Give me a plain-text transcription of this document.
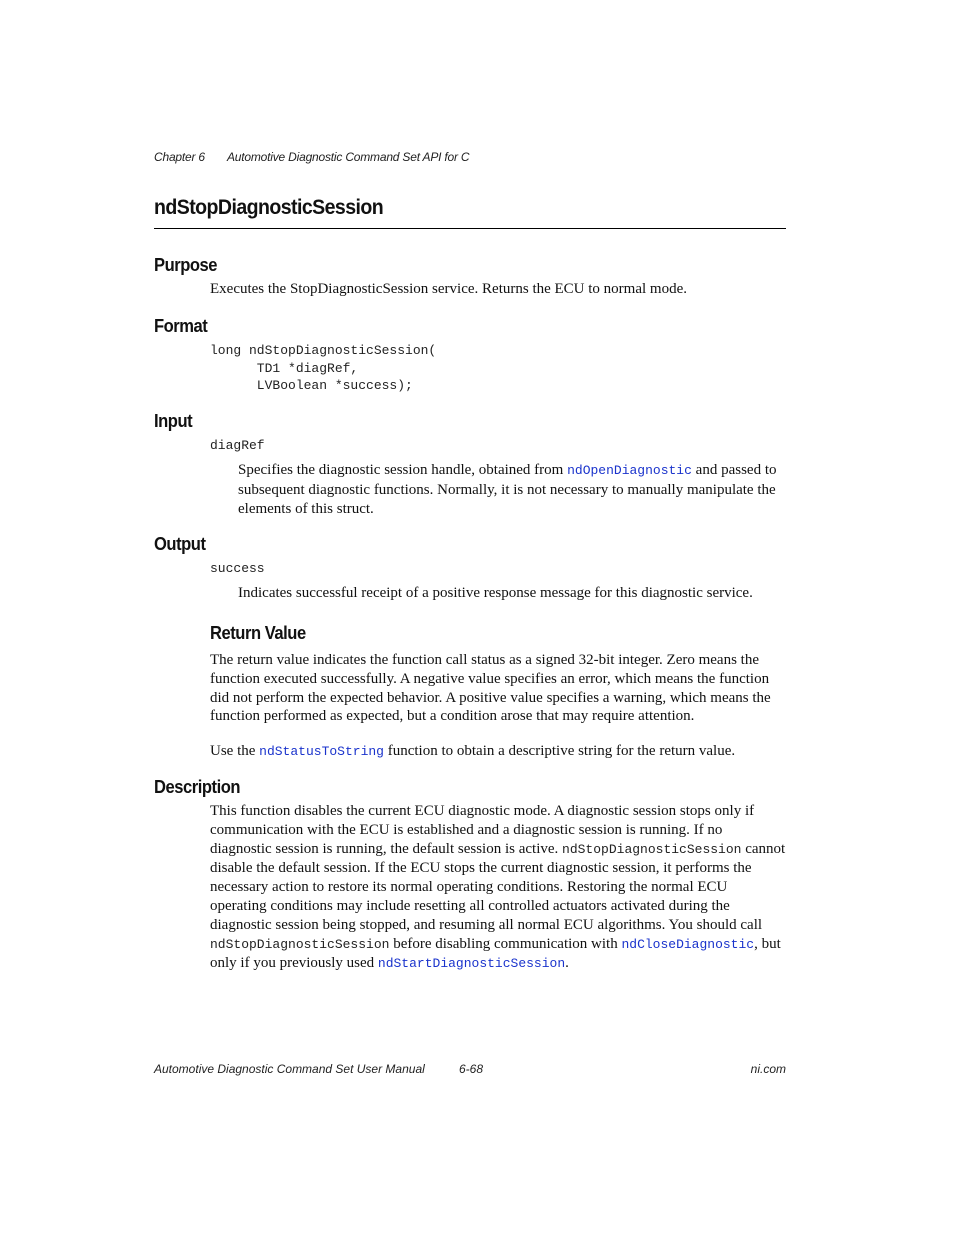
Chapter 6 Automotive Diagnostic Command Set API for C
ndStopDiagnosticSession
Purpose
Executes the StopDiagnosticSession service. Returns the ECU to normal mode.
Format
long ndStopDiagnosticSession(
TD1 *diagRef,
LVBoolean *success);
Input
diagRef
Specifies the diagnostic session handle, obtained from ndOpenDiagnostic and passed to subsequent diagnostic functions. Normally, it is not necessary to manually manipulate the elements of this struct.
Output
success
Indicates successful receipt of a positive response message for this diagnostic service.
Return Value
The return value indicates the function call status as a signed 32-bit integer. Zero means the function executed successfully. A negative value specifies an error, which means the function did not perform the expected behavior. A positive value specifies a warning, which means the function performed as expected, but a condition arose that may require attention.
Use the ndStatusToString function to obtain a descriptive string for the return value.
Description
This function disables the current ECU diagnostic mode. A diagnostic session stops only if communication with the ECU is established and a diagnostic session is running. If no diagnostic session is running, the default session is active. ndStopDiagnosticSession cannot disable the default session. If the ECU stops the current diagnostic session, it performs the necessary action to restore its normal operating conditions. Restoring the normal ECU operating conditions may include resetting all controlled actuators activated during the diagnostic session being stopped, and resuming all normal ECU algorithms. You should call ndStopDiagnosticSession before disabling communication with ndCloseDiagnostic, but only if you previously used ndStartDiagnosticSession.
Automotive Diagnostic Command Set User Manual	6-68	ni.com
